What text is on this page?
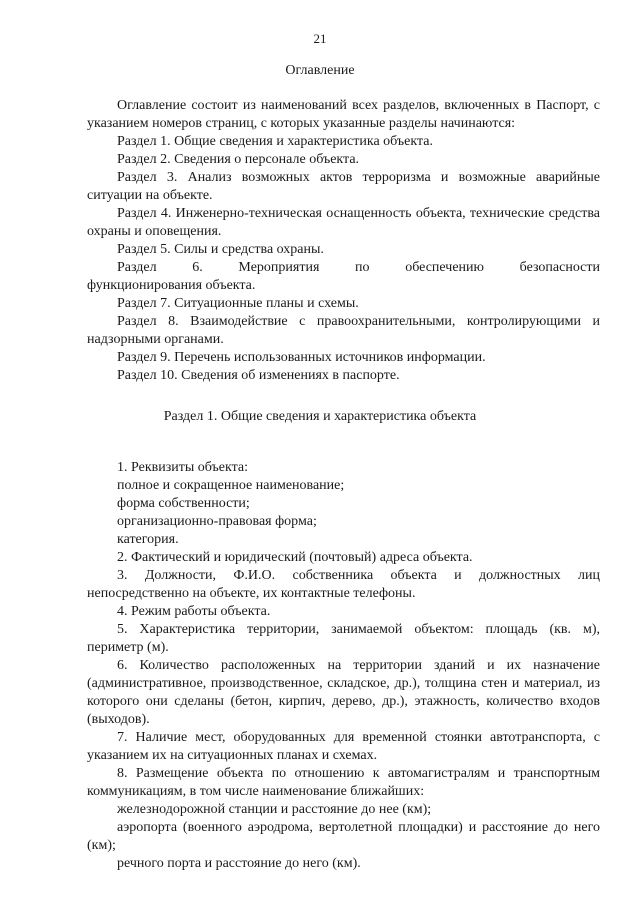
21
Оглавление

Оглавление состоит из наименований всех разделов, включенных в Паспорт, с указанием номеров страниц, с которых указанные разделы начинаются:

Раздел 1. Общие сведения и характеристика объекта.

Раздел 2. Сведения о персонале объекта.

Раздел 3. Анализ возможных актов терроризма и возможные аварийные ситуации на объекте.

Раздел 4. Инженерно-техническая оснащенность объекта, технические средства охраны и оповещения.

Раздел 5. Силы и средства охраны.

Раздел 6. Мероприятия по обеспечению безопасности

функционирования объекта.

Раздел 7. Ситуационные планы и схемы.

Раздел 8. Взаимодействие с правоохранительными, контролирующими и надзорными органами.

Раздел 9. Перечень использованных источников информации.

Раздел 10. Сведения об изменениях в паспорте.

Раздел 1. Общие сведения и характеристика объекта

1. Реквизиты объекта:

полное и сокращенное наименование;

форма собственности;

организационно-правовая форма;

категория.

2. Фактический и юридический (почтовый) адреса объекта.

3. Должности, Ф.И.О. собственника объекта и должностных лиц непосредственно на объекте, их контактные телефоны.

4. Режим работы объекта.

5. Характеристика территории, занимаемой объектом: площадь (кв. м), периметр (м).

6. Количество расположенных на территории зданий и их назначение (административное, производственное, складское, др.), толщина стен и материал, из которого они сделаны (бетон, кирпич, дерево, др.), этажность, количество входов (выходов).

7. Наличие мест, оборудованных для временной стоянки автотранспорта, с указанием их на ситуационных планах и схемах.

8. Размещение объекта по отношению к автомагистралям и транспортным коммуникациям, в том числе наименование ближайших:

железнодорожной станции и расстояние до нее (км);

аэропорта (военного аэродрома, вертолетной площадки) и расстояние до него (км);

речного порта и расстояние до него (км).
